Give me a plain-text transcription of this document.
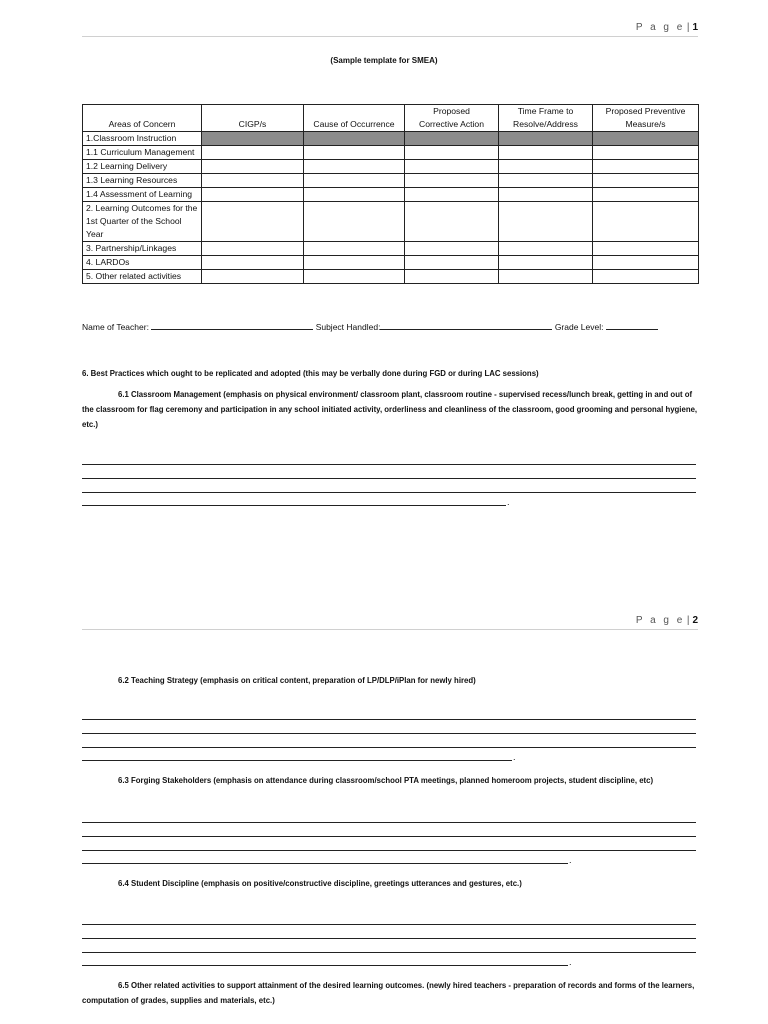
P a g e | 1
(Sample template for SMEA)
Areas of Concern	CIGP/s	Cause of Occurrence	Proposed Corrective Action	Time Frame to Resolve/Address	Proposed Preventive Measure/s
1.Classroom Instruction					
1.1 Curriculum Management					
1.2 Learning Delivery					
1.3 Learning Resources					
1.4 Assessment of Learning					
2. Learning Outcomes for the 1st Quarter of the School Year					
3. Partnership/Linkages					
4. LARDOs					
5. Other related activities					
Name of Teacher:	Subject Handled:	Grade Level:
6. Best Practices which ought to be replicated and adopted (this may be verbally done during FGD or during LAC sessions)
6.1 Classroom Management (emphasis on physical environment/ classroom plant, classroom routine - supervised recess/lunch break, getting in and out of the classroom for flag ceremony and participation in any school initiated activity, orderliness and cleanliness of the classroom, good grooming and personal hygiene, etc.)
.
P a g e | 2
6.2 Teaching Strategy (emphasis on critical content, preparation of LP/DLP/iPlan for newly hired)
.
6.3 Forging Stakeholders (emphasis on attendance during classroom/school PTA meetings, planned homeroom projects, student discipline, etc)
.
6.4 Student Discipline (emphasis on positive/constructive discipline, greetings utterances and gestures, etc.)
.
6.5 Other related activities to support attainment of the desired learning outcomes. (newly hired teachers - preparation of records and forms of the learners, computation of grades, supplies and materials, etc.)
